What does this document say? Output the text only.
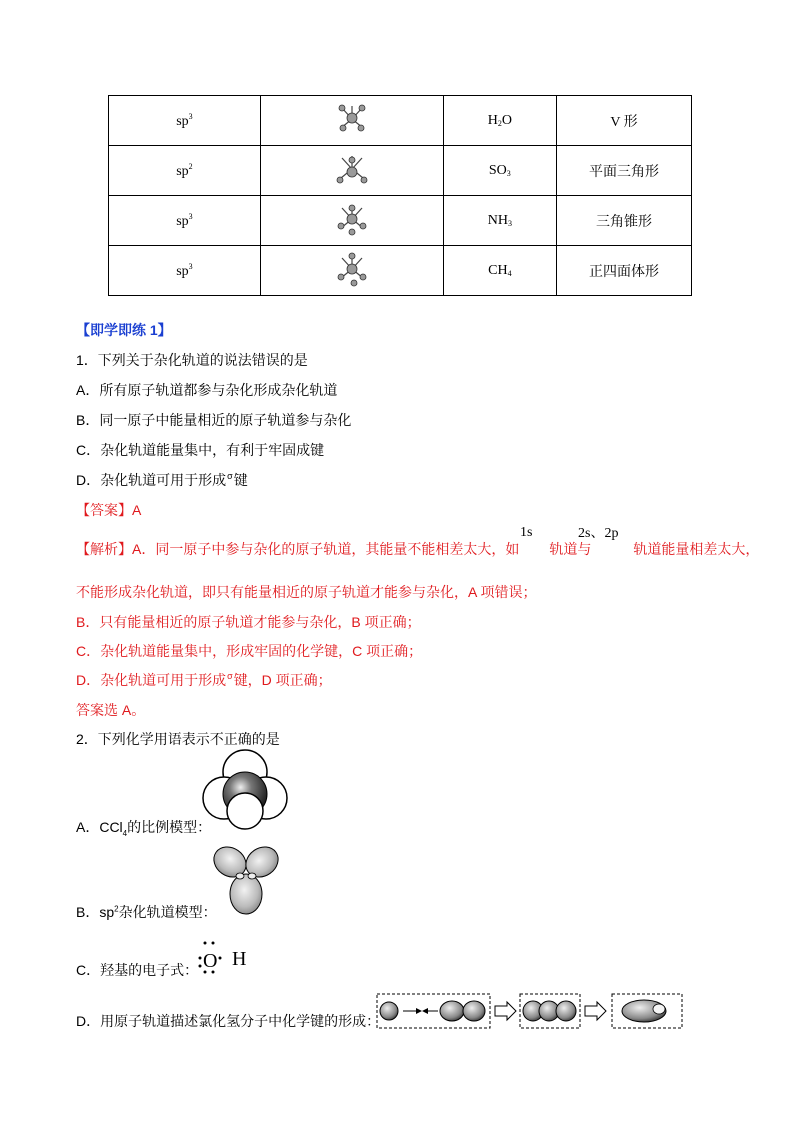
$sp^3$		$H_2O$	V 形
$sp^2$		$SO_3$	平面三角形
$sp^3$		$NH_3$	三角锥形
$sp^3$		$CH_4$	正四面体形
【即学即练 1】
1．下列关于杂化轨道的说法错误的是
A．所有原子轨道都参与杂化形成杂化轨道
B．同一原子中能量相近的原子轨道参与杂化
C．杂化轨道能量集中，有利于牢固成键
D．杂化轨道可用于形成$^\sigma$键
【答案】A
【解析】A．同一原子中参与杂化的原子轨道，其能量不能相差太大，如 轨道与	轨道能量相差太大，
1s	2s、2p
不能形成杂化轨道，即只有能量相近的原子轨道才能参与杂化，A 项错误；
B．只有能量相近的原子轨道才能参与杂化，B 项正确；
C．杂化轨道能量集中，形成牢固的化学键，C 项正确；
D．杂化轨道可用于形成$^\sigma$键，D 项正确；
答案选 A。
2．下列化学用语表示不正确的是
A．CCl$_4$的比例模型：
B．$sp^2$杂化轨道模型：
C．羟基的电子式： O H
D．用原子轨道描述氯化氢分子中化学键的形成：
